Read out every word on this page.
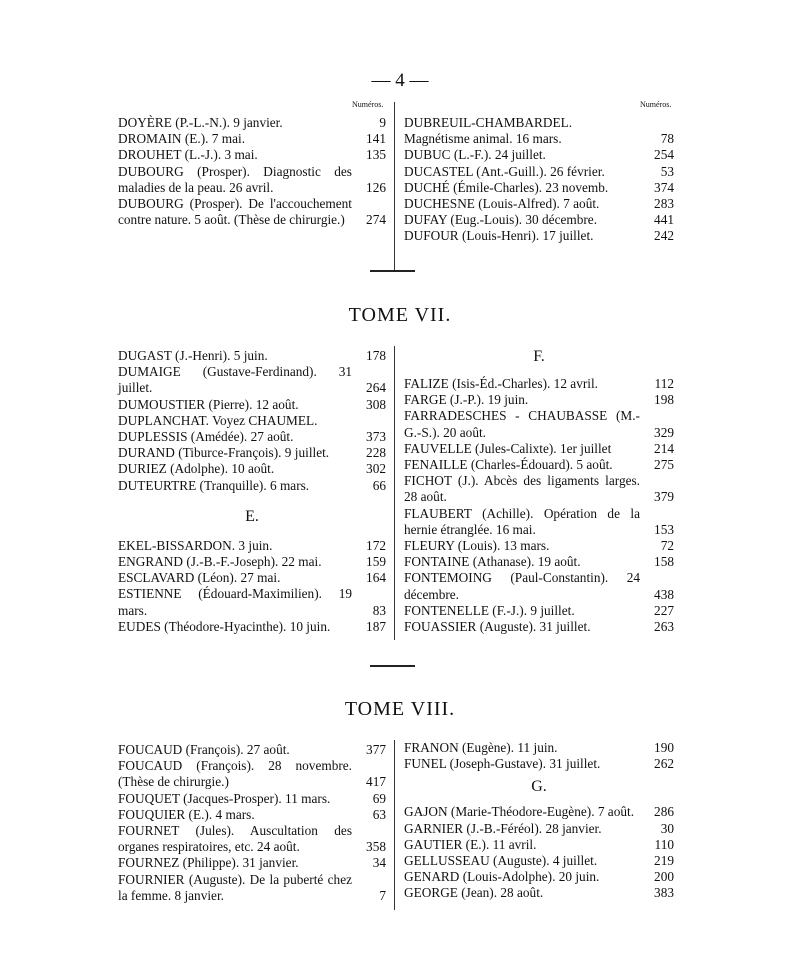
— 4 —
Numéros.	Numéros.
DOYÈRE (P.-L.-N.). 9 janvier.	9
DROMAIN (E.). 7 mai.	141
DROUHET (L.-J.). 3 mai.	135
DUBOURG (Prosper). Diagnostic des maladies de la peau. 26 avril.	126
DUBOURG (Prosper). De l'accouchement contre nature. 5 août. (Thèse de chirurgie.)	274
DUBREUIL-CHAMBARDEL. Magnétisme animal. 16 mars.	78
DUBUC (L.-F.). 24 juillet.	254
DUCASTEL (Ant.-Guill.). 26 février.	53
DUCHÉ (Émile-Charles). 23 novemb.	374
DUCHESNE (Louis-Alfred). 7 août.	283
DUFAY (Eug.-Louis). 30 décembre.	441
DUFOUR (Louis-Henri). 17 juillet.	242
TOME VII.
DUGAST (J.-Henri). 5 juin.	178
DUMAIGE (Gustave-Ferdinand). 31 juillet.	264
DUMOUSTIER (Pierre). 12 août.	308
DUPLANCHAT. Voyez CHAUMEL.
DUPLESSIS (Amédée). 27 août.	373
DURAND (Tiburce-François). 9 juillet.	228
DURIEZ (Adolphe). 10 août.	302
DUTEURTRE (Tranquille). 6 mars.	66
E.
EKEL-BISSARDON. 3 juin.	172
ENGRAND (J.-B.-F.-Joseph). 22 mai.	159
ESCLAVARD (Léon). 27 mai.	164
ESTIENNE (Édouard-Maximilien). 19 mars.	83
EUDES (Théodore-Hyacinthe). 10 juin.	187
F.
FALIZE (Isis-Éd.-Charles). 12 avril.	112
FARGE (J.-P.). 19 juin.	198
FARRADESCHES - CHAUBASSE (M.-G.-S.). 20 août.	329
FAUVELLE (Jules-Calixte). 1er juillet	214
FENAILLE (Charles-Édouard). 5 août.	275
FICHOT (J.). Abcès des ligaments larges. 28 août.	379
FLAUBERT (Achille). Opération de la hernie étranglée. 16 mai.	153
FLEURY (Louis). 13 mars.	72
FONTAINE (Athanase). 19 août.	158
FONTEMOING (Paul-Constantin). 24 décembre.	438
FONTENELLE (F.-J.). 9 juillet.	227
FOUASSIER (Auguste). 31 juillet.	263
TOME VIII.
FOUCAUD (François). 27 août.	377
FOUCAUD (François). 28 novembre. (Thèse de chirurgie.)	417
FOUQUET (Jacques-Prosper). 11 mars.	69
FOUQUIER (E.). 4 mars.	63
FOURNET (Jules). Auscultation des organes respiratoires, etc. 24 août.	358
FOURNEZ (Philippe). 31 janvier.	34
FOURNIER (Auguste). De la puberté chez la femme. 8 janvier.	7
FRANON (Eugène). 11 juin.	190
FUNEL (Joseph-Gustave). 31 juillet.	262
G.
GAJON (Marie-Théodore-Eugène). 7 août.	286
GARNIER (J.-B.-Féréol). 28 janvier.	30
GAUTIER (E.). 11 avril.	110
GELLUSSEAU (Auguste). 4 juillet.	219
GENARD (Louis-Adolphe). 20 juin.	200
GEORGE (Jean). 28 août.	383
